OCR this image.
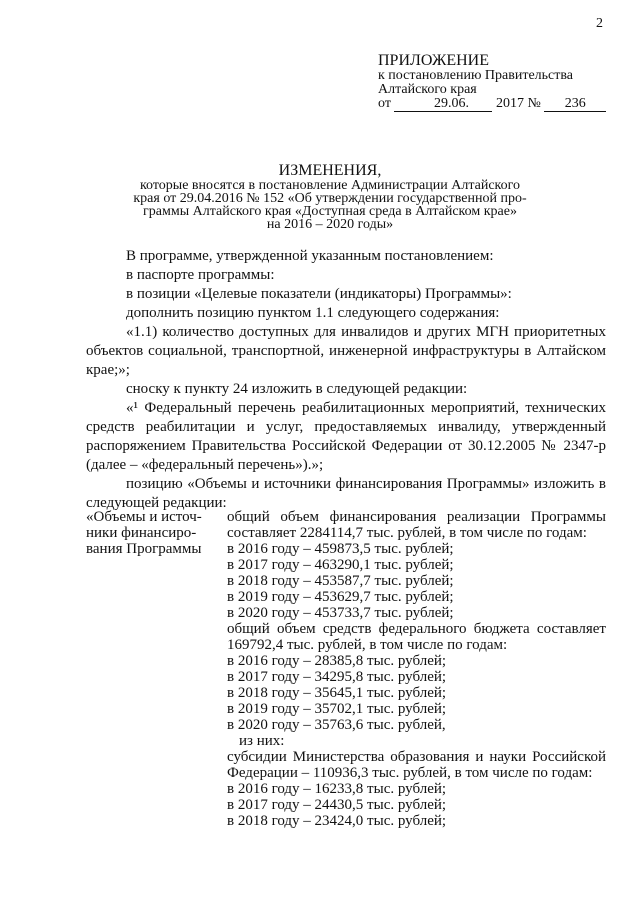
2
ПРИЛОЖЕНИЕ
к постановлению Правительства
Алтайского края
от	29.06. 2017 № 236
ИЗМЕНЕНИЯ,
которые вносятся в постановление Администрации Алтайского
края от 29.04.2016 № 152 «Об утверждении государственной про-
граммы Алтайского края «Доступная среда в Алтайском крае»
на 2016 – 2020 годы»

В программе, утвержденной указанным постановлением:

в паспорте программы:

в позиции «Целевые показатели (индикаторы) Программы»:

дополнить позицию пунктом 1.1 следующего содержания:

«1.1) количество доступных для инвалидов и других МГН приоритетных объектов социальной, транспортной, инженерной инфраструктуры в Алтайском крае;»;

сноску к пункту 24 изложить в следующей редакции:

«¹ Федеральный перечень реабилитационных мероприятий, технических средств реабилитации и услуг, предоставляемых инвалиду, утвержденный распоряжением Правительства Российской Федерации от 30.12.2005 № 2347-р (далее – «федеральный перечень»).»;

позицию «Объемы и источники финансирования Программы» изложить в следующей редакции:

«Объемы и источ-
ники финансиро-
вания Программы

общий объем финансирования реализации Программы составляет 2284114,7 тыс. рублей, в том числе по годам:

в 2016 году – 459873,5 тыс. рублей;
в 2017 году – 463290,1 тыс. рублей;
в 2018 году – 453587,7 тыс. рублей;
в 2019 году – 453629,7 тыс. рублей;
в 2020 году – 453733,7 тыс. рублей;

общий объем средств федерального бюджета составляет 169792,4 тыс. рублей, в том числе по годам:

в 2016 году – 28385,8 тыс. рублей;
в 2017 году – 34295,8 тыс. рублей;
в 2018 году – 35645,1 тыс. рублей;
в 2019 году – 35702,1 тыс. рублей;
в 2020 году – 35763,6 тыс. рублей,
из них:

субсидии Министерства образования и науки Российской Федерации – 110936,3 тыс. рублей, в том числе по годам:

в 2016 году – 16233,8 тыс. рублей;
в 2017 году – 24430,5 тыс. рублей;
в 2018 году – 23424,0 тыс. рублей;
